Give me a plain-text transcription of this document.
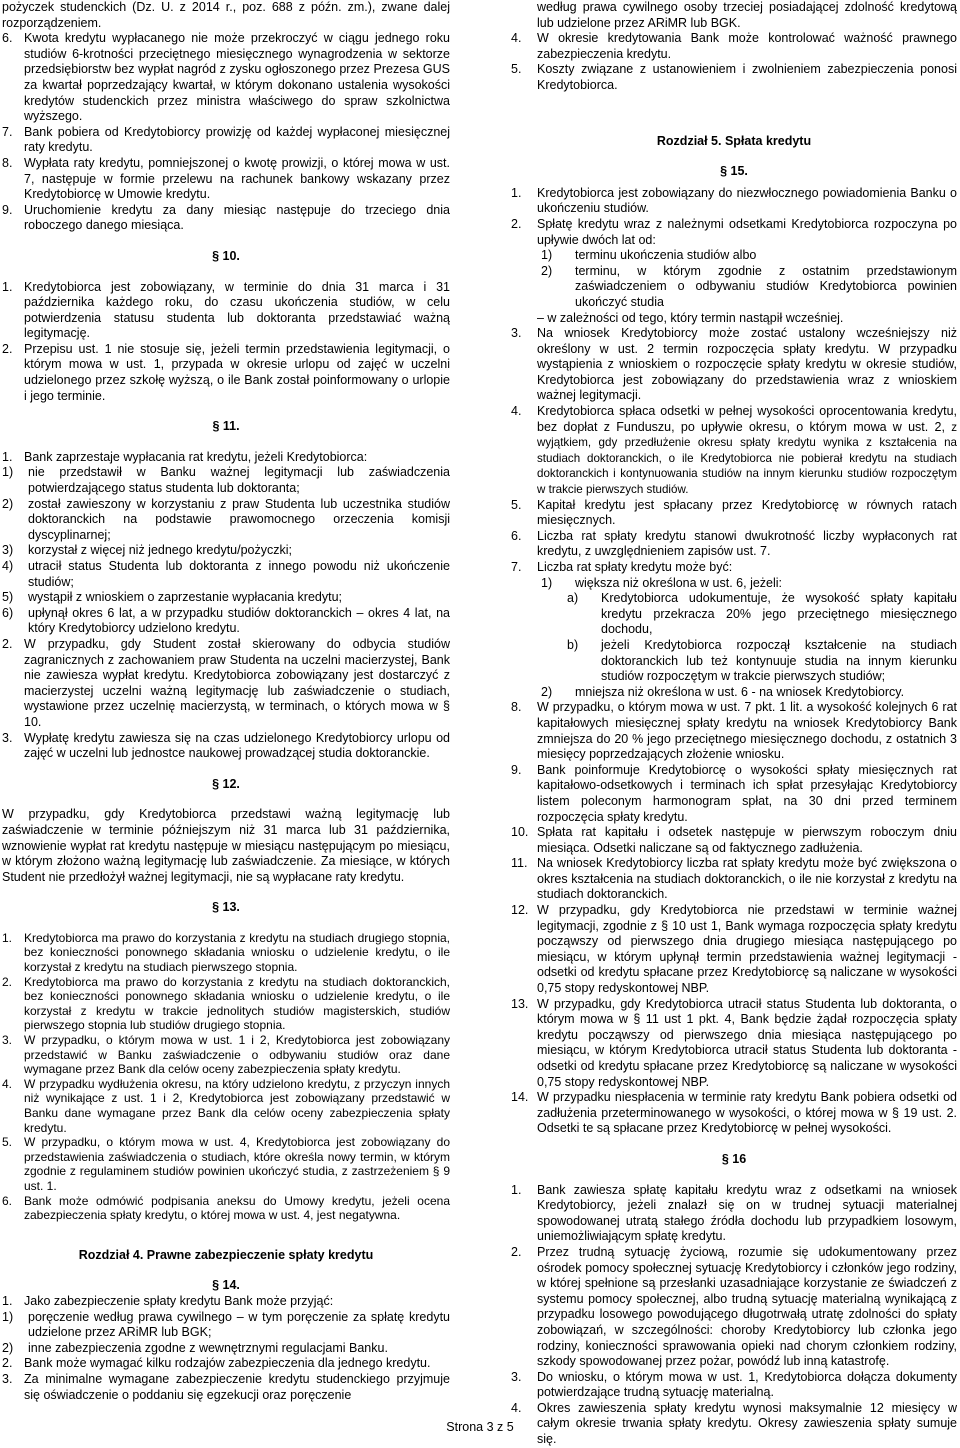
pożyczek studenckich (Dz. U. z 2014 r., poz. 688 z późn. zm.), zwane dalej rozporządzeniem.

6. Kwota kredytu wypłacanego nie może przekroczyć w ciągu jednego roku studiów 6-krotności przeciętnego miesięcznego wynagrodzenia w sektorze przedsiębiorstw bez wypłat nagród z zysku ogłoszonego przez Prezesa GUS za kwartał poprzedzający kwartał, w którym dokonano ustalenia wysokości kredytów studenckich przez ministra właściwego do spraw szkolnictwa wyższego.
7. Bank pobiera od Kredytobiorcy prowizję od każdej wypłaconej miesięcznej raty kredytu.
8. Wypłata raty kredytu, pomniejszonej o kwotę prowizji, o której mowa w ust. 7, następuje w formie przelewu na rachunek bankowy wskazany przez Kredytobiorcę w Umowie kredytu.
9. Uruchomienie kredytu za dany miesiąc następuje do trzeciego dnia roboczego danego miesiąca.

§ 10.

1. Kredytobiorca jest zobowiązany, w terminie do dnia 31 marca i 31 października każdego roku, do czasu ukończenia studiów, w celu potwierdzenia statusu studenta lub doktoranta przedstawiać ważną legitymację.
2. Przepisu ust. 1 nie stosuje się, jeżeli termin przedstawienia legitymacji, o którym mowa w ust. 1, przypada w okresie urlopu od zajęć w uczelni udzielonego przez szkołę wyższą, o ile Bank został poinformowany o urlopie i jego terminie.

§ 11.

1. Bank zaprzestaje wypłacania rat kredytu, jeżeli Kredytobiorca:
1)	nie przedstawił w Banku ważnej legitymacji lub zaświadczenia potwierdzającego status studenta lub doktoranta;
2)	został zawieszony w korzystaniu z praw Studenta lub uczestnika studiów doktoranckich na podstawie prawomocnego orzeczenia komisji dyscyplinarnej;
3)	korzystał z więcej niż jednego kredytu/pożyczki;
4)	utracił status Studenta lub doktoranta z innego powodu niż ukończenie studiów;
5)	wystąpił z wnioskiem o zaprzestanie wypłacania kredytu;
6)	upłynął okres 6 lat, a w przypadku studiów doktoranckich – okres 4 lat, na który Kredytobiorcy udzielono kredytu.
2. W przypadku, gdy Student został skierowany do odbycia studiów zagranicznych z zachowaniem praw Studenta na uczelni macierzystej, Bank nie zawiesza wypłat kredytu. Kredytobiorca zobowiązany jest dostarczyć z macierzystej uczelni ważną legitymację lub zaświadczenie o studiach, wystawione przez uczelnię macierzystą, w terminach, o których mowa w § 10.
3. Wypłatę kredytu zawiesza się na czas udzielonego Kredytobiorcy urlopu od zajęć w uczelni lub jednostce naukowej prowadzącej studia doktoranckie.

§ 12.

W przypadku, gdy Kredytobiorca przedstawi ważną legitymację lub zaświadczenie w terminie późniejszym niż 31 marca lub 31 października, wznowienie wypłat rat kredytu następuje w miesiącu następującym po miesiącu, w którym złożono ważną legitymację lub zaświadczenie. Za miesiące, w których Student nie przedłożył ważnej legitymacji, nie są wypłacane raty kredytu.

§ 13.

1. Kredytobiorca ma prawo do korzystania z kredytu na studiach drugiego stopnia, bez konieczności ponownego składania wniosku o udzielenie kredytu, o ile korzystał z kredytu na studiach pierwszego stopnia.
2. Kredytobiorca ma prawo do korzystania z kredytu na studiach doktoranckich, bez konieczności ponownego składania wniosku o udzielenie kredytu, o ile korzystał z kredytu w trakcie jednolitych studiów magisterskich, studiów pierwszego stopnia lub studiów drugiego stopnia.
3. W przypadku, o którym mowa w ust. 1 i 2, Kredytobiorca jest zobowiązany przedstawić w Banku zaświadczenie o odbywaniu studiów oraz dane wymagane przez Bank dla celów oceny zabezpieczenia spłaty kredytu.
4. W przypadku wydłużenia okresu, na który udzielono kredytu, z przyczyn innych niż wynikające z ust. 1 i 2, Kredytobiorca jest zobowiązany przedstawić w Banku dane wymagane przez Bank dla celów oceny zabezpieczenia spłaty kredytu.
5. W przypadku, o którym mowa w ust. 4, Kredytobiorca jest zobowiązany do przedstawienia zaświadczenia o studiach, które określa nowy termin, w którym zgodnie z regulaminem studiów powinien ukończyć studia, z zastrzeżeniem § 9 ust. 1.
6. Bank może odmówić podpisania aneksu do Umowy kredytu, jeżeli ocena zabezpieczenia spłaty kredytu, o której mowa w ust. 4, jest negatywna.

Rozdział 4. Prawne zabezpieczenie spłaty kredytu

§ 14.

1. Jako zabezpieczenie spłaty kredytu Bank może przyjąć:
1)	poręczenie według prawa cywilnego – w tym poręczenie za spłatę kredytu udzielone przez ARiMR lub BGK;
2)	inne zabezpieczenia zgodne z wewnętrznymi regulacjami Banku.
2. Bank może wymagać kilku rodzajów zabezpieczenia dla jednego kredytu.
3. Za minimalne wymagane zabezpieczenie kredytu studenckiego przyjmuje się oświadczenie o poddaniu się egzekucji oraz poręczenie

według prawa cywilnego osoby trzeciej posiadającej zdolność kredytową lub udzielone przez ARiMR lub BGK.

4.	W okresie kredytowania Bank może kontrolować ważność prawnego zabezpieczenia kredytu.
5.	Koszty związane z ustanowieniem i zwolnieniem zabezpieczenia ponosi Kredytobiorca.

Rozdział 5. Spłata kredytu

§ 15.

1.	Kredytobiorca jest zobowiązany do niezwłocznego powiadomienia Banku o ukończeniu studiów.
2.	Spłatę kredytu wraz z należnymi odsetkami Kredytobiorca rozpoczyna po upływie dwóch lat od:
1)	terminu ukończenia studiów albo
2)	terminu, w którym zgodnie z ostatnim przedstawionym zaświadczeniem o odbywaniu studiów Kredytobiorca powinien ukończyć studia

– w zależności od tego, który termin nastąpił wcześniej.

3.	Na wniosek Kredytobiorcy może zostać ustalony wcześniejszy niż określony w ust. 2 termin rozpoczęcia spłaty kredytu. W przypadku wystąpienia z wnioskiem o rozpoczęcie spłaty kredytu w okresie studiów, Kredytobiorca jest zobowiązany do przedstawienia wraz z wnioskiem ważnej legitymacji.
4.	Kredytobiorca spłaca odsetki w pełnej wysokości oprocentowania kredytu, bez dopłat z Funduszu, po upływie okresu, o którym mowa w ust. 2, z wyjątkiem, gdy przedłużenie okresu spłaty kredytu wynika z kształcenia na studiach doktoranckich, o ile Kredytobiorca nie pobierał kredytu na studiach doktoranckich i kontynuowania studiów na innym kierunku studiów rozpoczętym w trakcie pierwszych studiów.
5.	Kapitał kredytu jest spłacany przez Kredytobiorcę w równych ratach miesięcznych.
6.	Liczba rat spłaty kredytu stanowi dwukrotność liczby wypłaconych rat kredytu, z uwzględnieniem zapisów ust. 7.
7.	Liczba rat spłaty kredytu może być:
1)	większa niż określona w ust. 6, jeżeli:
a)	Kredytobiorca udokumentuje, że wysokość spłaty kapitału kredytu przekracza 20% jego przeciętnego miesięcznego dochodu,
b)	jeżeli Kredytobiorca rozpoczął kształcenie na studiach doktoranckich lub też kontynuuje studia na innym kierunku studiów rozpoczętym w trakcie pierwszych studiów;
2)	mniejsza niż określona w ust. 6 - na wniosek Kredytobiorcy.
8.	W przypadku, o którym mowa w ust. 7 pkt. 1 lit. a wysokość kolejnych 6 rat kapitałowych miesięcznej spłaty kredytu na wniosek Kredytobiorcy Bank zmniejsza do 20 % jego przeciętnego miesięcznego dochodu, z ostatnich 3 miesięcy poprzedzających złożenie wniosku.
9.	Bank poinformuje Kredytobiorcę o wysokości spłaty miesięcznych rat kapitałowo-odsetkowych i terminach ich spłat przesyłając Kredytobiorcy listem poleconym harmonogram spłat, na 30 dni przed terminem rozpoczęcia spłaty kredytu.
10. Spłata rat kapitału i odsetek następuje w pierwszym roboczym dniu miesiąca. Odsetki naliczane są od faktycznego zadłużenia.
11. Na wniosek Kredytobiorcy liczba rat spłaty kredytu może być zwiększona o okres kształcenia na studiach doktoranckich, o ile nie korzystał z kredytu na studiach doktoranckich.
12. W przypadku, gdy Kredytobiorca nie przedstawi w terminie ważnej legitymacji, zgodnie z § 10 ust 1, Bank wymaga rozpoczęcia spłaty kredytu począwszy od pierwszego dnia drugiego miesiąca następującego po miesiącu, w którym upłynął termin przedstawienia ważnej legitymacji - odsetki od kredytu spłacane przez Kredytobiorcę są naliczane w wysokości 0,75 stopy redyskontowej NBP.
13. W przypadku, gdy Kredytobiorca utracił status Studenta lub doktoranta, o którym mowa w § 11 ust 1 pkt. 4, Bank będzie żądał rozpoczęcia spłaty kredytu począwszy od pierwszego dnia miesiąca następującego po miesiącu, w którym Kredytobiorca utracił status Studenta lub doktoranta - odsetki od kredytu spłacane przez Kredytobiorcę są naliczane w wysokości 0,75 stopy redyskontowej NBP.
14. W przypadku niespłacenia w terminie raty kredytu Bank pobiera odsetki od zadłużenia przeterminowanego w wysokości, o której mowa w § 19 ust. 2. Odsetki te są spłacane przez Kredytobiorcę w pełnej wysokości.

§ 16

1.	Bank zawiesza spłatę kapitału kredytu wraz z odsetkami na wniosek Kredytobiorcy, jeżeli znalazł się on w trudnej sytuacji materialnej spowodowanej utratą stałego źródła dochodu lub przypadkiem losowym, uniemożliwiającym spłatę kredytu.
2.	Przez trudną sytuację życiową, rozumie się udokumentowany przez ośrodek pomocy społecznej sytuację Kredytobiorcy i członków jego rodziny, w której spełnione są przesłanki uzasadniające korzystanie ze świadczeń z systemu pomocy społecznej, albo trudną sytuację materialną wynikającą z przypadku losowego powodującego długotrwałą utratę zdolności do spłaty zobowiązań, w szczególności: choroby Kredytobiorcy lub członka jego rodziny, konieczności sprawowania opieki nad chorym członkiem rodziny, szkody spowodowanej przez pożar, powódź lub inną katastrofę.
3.	Do wniosku, o którym mowa w ust. 1, Kredytobiorca dołącza dokumenty potwierdzające trudną sytuację materialną.
4.	Okres zawieszenia spłaty kredytu wynosi maksymalnie 12 miesięcy w całym okresie trwania spłaty kredytu. Okresy zawieszenia spłaty sumuje się.
Strona 3 z 5
